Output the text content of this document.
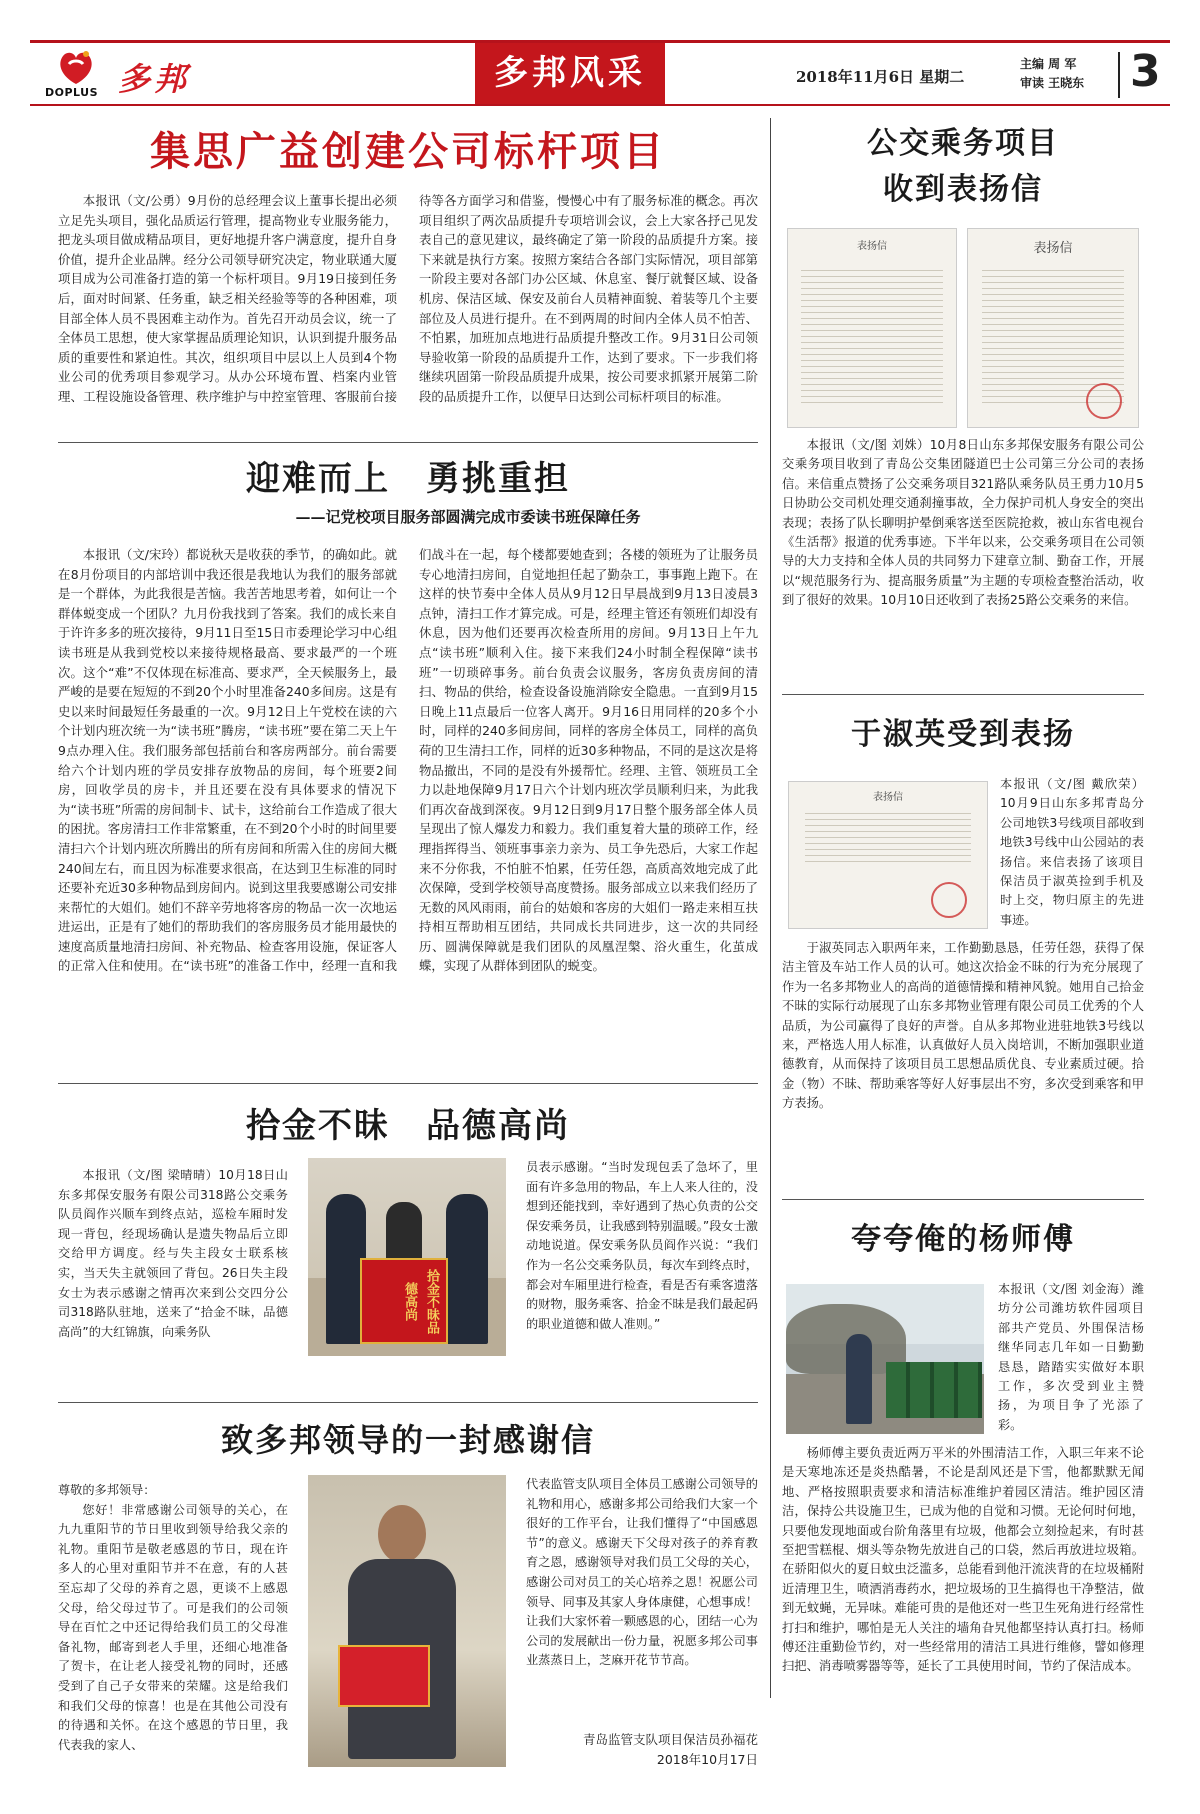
DOPLUS 多邦	多邦风采	2018年11月6日 星期二
主编 周 军
审读 王晓东 3
集思广益创建公司标杆项目

本报讯（文/公勇）9月份的总经理会议上董事长提出必须立足先头项目，强化品质运行管理，提高物业专业服务能力，把龙头项目做成精品项目，更好地提升客户满意度，提升自身价值，提升企业品牌。经分公司领导研究决定，物业联通大厦项目成为公司准备打造的第一个标杆项目。9月19日接到任务后，面对时间紧、任务重，缺乏相关经验等等的各种困难，项目部全体人员不畏困难主动作为。首先召开动员会议，统一了全体员工思想，使大家掌握品质理论知识，认识到提升服务品质的重要性和紧迫性。其次，组织项目中层以上人员到4个物业公司的优秀项目参观学习。从办公环境布置、档案内业管理、工程设施设备管理、秩序维护与中控室管理、客服前台接待等各方面学习和借鉴，慢慢心中有了服务标准的概念。再次项目组织了两次品质提升专项培训会议，会上大家各抒己见发表自己的意见建议，最终确定了第一阶段的品质提升方案。接下来就是执行方案。按照方案结合各部门实际情况，项目部第一阶段主要对各部门办公区域、休息室、餐厅就餐区域、设备机房、保洁区域、保安及前台人员精神面貌、着装等几个主要部位及人员进行提升。在不到两周的时间内全体人员不怕苦、不怕累，加班加点地进行品质提升整改工作。9月31日公司领导验收第一阶段的品质提升工作，达到了要求。下一步我们将继续巩固第一阶段品质提升成果，按公司要求抓紧开展第二阶段的品质提升工作，以便早日达到公司标杆项目的标准。

迎难而上　勇挑重担
——记党校项目服务部圆满完成市委读书班保障任务

本报讯（文/宋玲）都说秋天是收获的季节，的确如此。就在8月份项目的内部培训中我还很是我地认为我们的服务部就是一个群体，为此我很是苦恼。我苦苦地思考着，如何让一个群体蜕变成一个团队？九月份我找到了答案。我们的成长来自于许许多多的班次接待，9月11日至15日市委理论学习中心组读书班是从我到党校以来接待规格最高、要求最严的一个班次。这个“难”不仅体现在标准高、要求严，全天候服务上，最严峻的是要在短短的不到20个小时里准备240多间房。这是有史以来时间最短任务最重的一次。9月12日上午党校在读的六个计划内班次统一为“读书班”腾房，“读书班”要在第二天上午9点办理入住。我们服务部包括前台和客房两部分。前台需要给六个计划内班的学员安排存放物品的房间，每个班要2间房，回收学员的房卡，并且还要在没有具体要求的情况下为“读书班”所需的房间制卡、试卡，这给前台工作造成了很大的困扰。客房清扫工作非常繁重，在不到20个小时的时间里要清扫六个计划内班次所腾出的所有房间和所需入住的房间大概240间左右，而且因为标准要求很高，在达到卫生标准的同时还要补充近30多种物品到房间内。说到这里我要感谢公司安排来帮忙的大姐们。她们不辞辛劳地将客房的物品一次一次地运进运出，正是有了她们的帮助我们的客房服务员才能用最快的速度高质量地清扫房间、补充物品、检查客用设施，保证客人的正常入住和使用。在“读书班”的准备工作中，经理一直和我们战斗在一起，每个楼都要她查到；各楼的领班为了让服务员专心地清扫房间，自觉地担任起了勤杂工，事事跑上跑下。在这样的快节奏中全体人员从9月12日早晨战到9月13日凌晨3点钟，清扫工作才算完成。可是，经理主管还有领班们却没有休息，因为他们还要再次检查所用的房间。9月13日上午九点“读书班”顺利入住。接下来我们24小时制全程保障“读书班”一切琐碎事务。前台负责会议服务，客房负责房间的清扫、物品的供给，检查设备设施消除安全隐患。一直到9月15日晚上11点最后一位客人离开。9月16日用同样的20多个小时，同样的240多间房间，同样的客房全体员工，同样的高负荷的卫生清扫工作，同样的近30多种物品，不同的是这次是将物品撤出，不同的是没有外援帮忙。经理、主管、领班员工全力以赴地保障9月17日六个计划内班次学员顺利归来，为此我们再次奋战到深夜。9月12日到9月17日整个服务部全体人员呈现出了惊人爆发力和毅力。我们重复着大量的琐碎工作，经理指挥得当、领班事事亲力亲为、员工争先恐后，大家工作起来不分你我，不怕脏不怕累，任劳任怨，高质高效地完成了此次保障，受到学校领导高度赞扬。服务部成立以来我们经历了无数的风风雨雨，前台的姑娘和客房的大姐们一路走来相互扶持相互帮助相互团结，共同成长共同进步，这一次的共同经历、圆满保障就是我们团队的凤凰涅槃、浴火重生，化茧成蝶，实现了从群体到团队的蜕变。

拾金不昧　品德高尚

本报讯（文/图 梁晴晴）10月18日山东多邦保安服务有限公司318路公交乘务队员阎作兴顺车到终点站，巡检车厢时发现一背包，经现场确认是遗失物品后立即交给甲方调度。经与失主段女士联系核实，当天失主就领回了背包。26日失主段女士为表示感谢之情再次来到公交四分公司318路队驻地，送来了“拾金不昧，品德高尚”的大红锦旗，向乘务队	拾金不昧品德高尚

员表示感谢。“当时发现包丢了急坏了，里面有许多急用的物品，车上人来人往的，没想到还能找到，幸好遇到了热心负责的公交保安乘务员，让我感到特别温暖。”段女士激动地说道。保安乘务队员阎作兴说：“我们作为一名公交乘务队员，每次车到终点时，都会对车厢里进行检查，看是否有乘客遗落的财物，服务乘客、拾金不昧是我们最起码的职业道德和做人准则。”

致多邦领导的一封感谢信
尊敬的多邦领导：

您好！非常感谢公司领导的关心，在九九重阳节的节日里收到领导给我父亲的礼物。重阳节是敬老感恩的节日，现在许多人的心里对重阳节并不在意，有的人甚至忘却了父母的养育之恩，更谈不上感恩父母，给父母过节了。可是我们的公司领导在百忙之中还记得给我们员工的父母准备礼物，邮寄到老人手里，还细心地准备了贺卡，在让老人接受礼物的同时，还感受到了自己子女带来的荣耀。这是给我们和我们父母的惊喜！也是在其他公司没有的待遇和关怀。在这个感恩的节日里，我代表我的家人、

代表监管支队项目全体员工感谢公司领导的礼物和用心，感谢多邦公司给我们大家一个很好的工作平台，让我们懂得了“中国感恩节”的意义。感谢天下父母对孩子的养育教育之恩，感谢领导对我们员工父母的关心，感谢公司对员工的关心培养之恩！祝愿公司领导、同事及其家人身体康健，心想事成！让我们大家怀着一颗感恩的心，团结一心为公司的发展献出一份力量，祝愿多邦公司事业蒸蒸日上，芝麻开花节节高。

青岛监管支队项目保洁员孙福花
2018年10月17日
公交乘务项目
收到表扬信
表扬信	表扬信

本报讯（文/图 刘姝）10月8日山东多邦保安服务有限公司公交乘务项目收到了青岛公交集团隧道巴士公司第三分公司的表扬信。来信重点赞扬了公交乘务项目321路队乘务队员王勇力10月5日协助公交司机处理交通刹撞事故，全力保护司机人身安全的突出表现；表扬了队长聊明护晕倒乘客送至医院抢救，被山东省电视台《生活帮》报道的优秀事迹。下半年以来，公交乘务项目在公司领导的大力支持和全体人员的共同努力下建章立制、勤奋工作，开展以“规范服务行为、提高服务质量”为主题的专项检查整治活动，收到了很好的效果。10月10日还收到了表扬25路公交乘务的来信。

于淑英受到表扬
表扬信

本报讯（文/图 戴欣荣）10月9日山东多邦青岛分公司地铁3号线项目部收到地铁3号线中山公园站的表扬信。来信表扬了该项目保洁员于淑英捡到手机及时上交，物归原主的先进事迹。

于淑英同志入职两年来，工作勤勤恳恳，任劳任怨，获得了保洁主管及车站工作人员的认可。她这次拾金不昧的行为充分展现了作为一名多邦物业人的高尚的道德情操和精神风貌。她用自己拾金不昧的实际行动展现了山东多邦物业管理有限公司员工优秀的个人品质，为公司赢得了良好的声誉。自从多邦物业进驻地铁3号线以来，严格选人用人标准，认真做好人员入岗培训，不断加强职业道德教育，从而保持了该项目员工思想品质优良、专业素质过硬。拾金（物）不昧、帮助乘客等好人好事层出不穷，多次受到乘客和甲方表扬。

夸夸俺的杨师傅

本报讯（文/图 刘金海）潍坊分公司潍坊软件园项目部共产党员、外围保洁杨继华同志几年如一日勤勤恳恳，踏踏实实做好本职工作，多次受到业主赞扬，为项目争了光添了彩。

杨师傅主要负责近两万平米的外围清洁工作，入职三年来不论是天寒地冻还是炎热酷暑，不论是刮风还是下雪，他都默默无闻地、严格按照职责要求和清洁标准维护着园区清洁。维护园区清洁，保持公共设施卫生，已成为他的自觉和习惯。无论何时何地，只要他发现地面或台阶角落里有垃圾，他都会立刻捡起来，有时甚至把雪糕棍、烟头等杂物先放进自己的口袋，然后再放进垃圾箱。在骄阳似火的夏日蚊虫泛滥多，总能看到他汗流浃背的在垃圾桶附近清理卫生，喷洒消毒药水，把垃圾场的卫生搞得也干净整洁，做到无蚊蝇，无异味。难能可贵的是他还对一些卫生死角进行经常性打扫和维护，哪怕是无人关注的墙角旮旯他都坚持认真打扫。杨师傅还注重勤俭节约，对一些经常用的清洁工具进行维修，譬如修理扫把、消毒喷雾器等等，延长了工具使用时间，节约了保洁成本。
